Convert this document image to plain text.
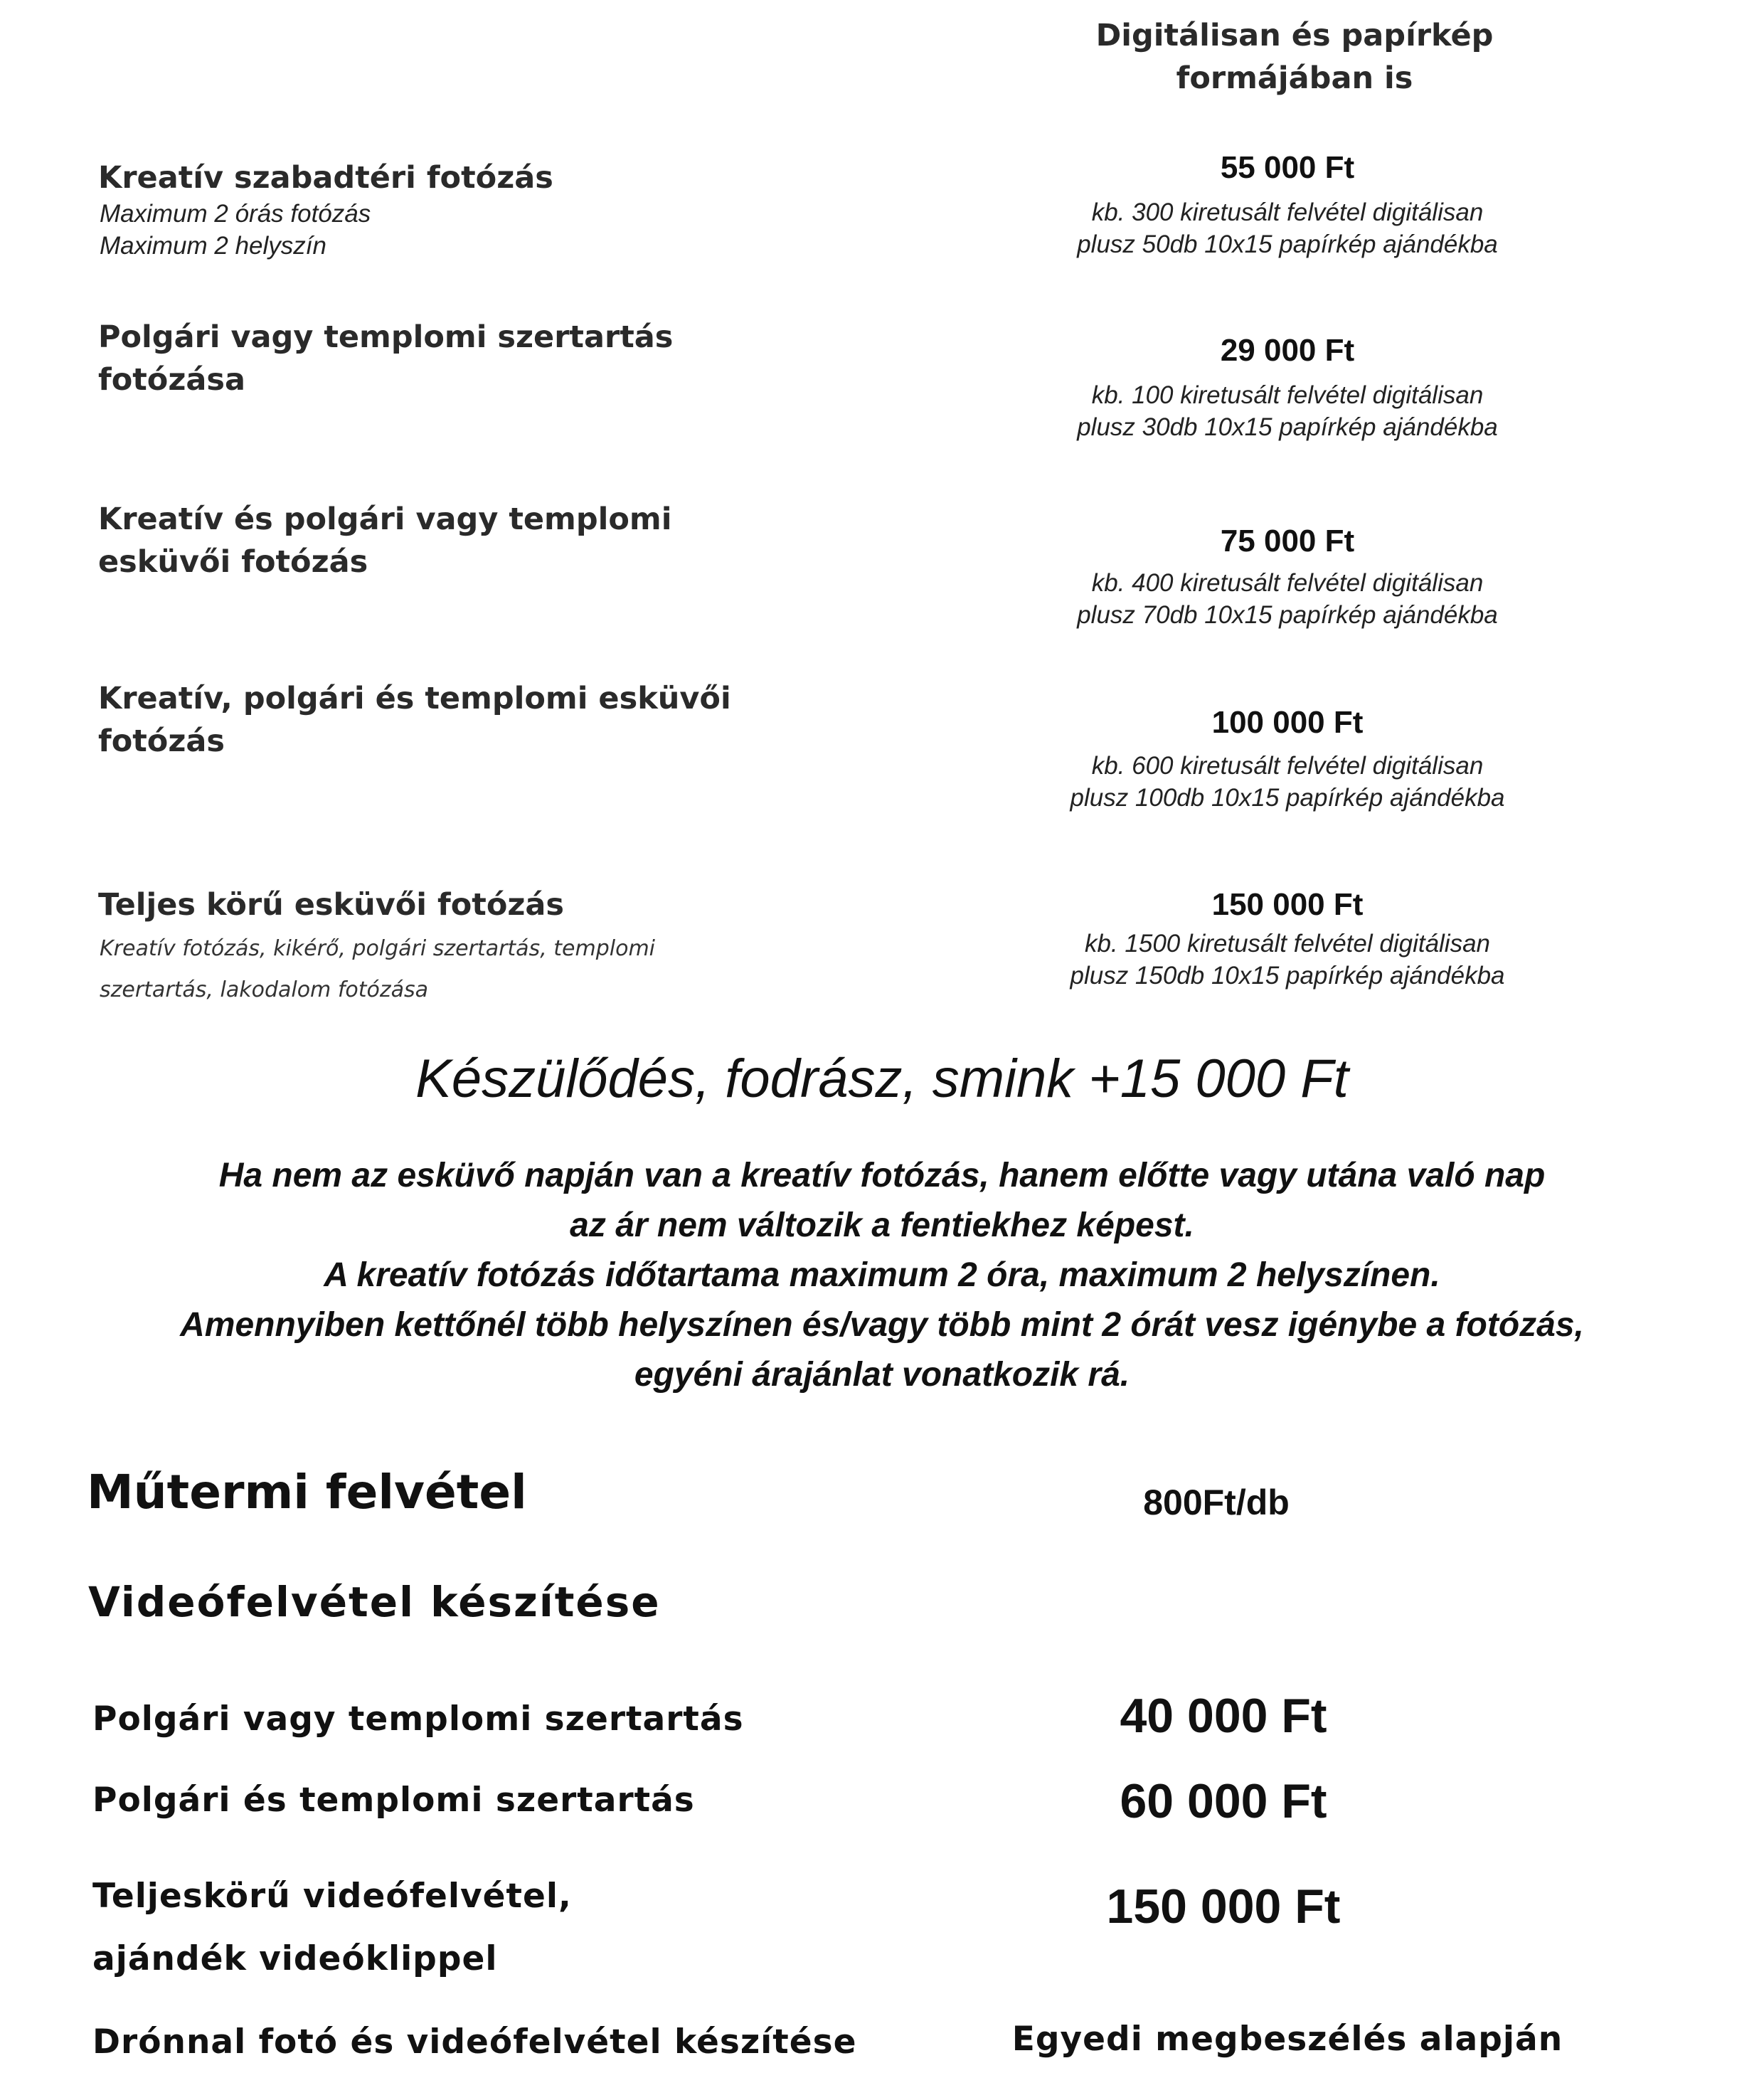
Digitálisan és papírkép
formájában is
Kreatív szabadtéri fotózás
Maximum 2 órás fotózás
Maximum 2 helyszín
55 000 Ft
kb. 300 kiretusált felvétel digitálisan
plusz 50db 10x15 papírkép ajándékba
Polgári vagy templomi szertartás
fotózása
29 000 Ft
kb. 100 kiretusált felvétel digitálisan
plusz 30db 10x15 papírkép ajándékba
Kreatív és polgári vagy templomi
esküvői fotózás
75 000 Ft
kb. 400 kiretusált felvétel digitálisan
plusz 70db 10x15 papírkép ajándékba
Kreatív, polgári és templomi esküvői
fotózás
100 000 Ft
kb. 600 kiretusált felvétel digitálisan
plusz 100db 10x15 papírkép ajándékba
Teljes körű esküvői fotózás
Kreatív fotózás, kikérő, polgári szertartás, templomi
szertartás, lakodalom fotózása
150 000 Ft
kb. 1500 kiretusált felvétel digitálisan
plusz 150db 10x15 papírkép ajándékba
Készülődés, fodrász, smink +15 000 Ft
Ha nem az esküvő napján van a kreatív fotózás, hanem előtte vagy utána való nap
az ár nem változik a fentiekhez képest.
A kreatív fotózás időtartama maximum 2 óra, maximum 2 helyszínen.
Amennyiben kettőnél több helyszínen és/vagy több mint 2 órát vesz igénybe a fotózás,
egyéni árajánlat vonatkozik rá.
Műtermi felvétel	800Ft/db
Videófelvétel készítése
Polgári vagy templomi szertartás	40 000 Ft
Polgári és templomi szertartás	60 000 Ft
Teljeskörű videófelvétel,
ajándék videóklippel
150 000 Ft
Drónnal fotó és videófelvétel készítése	Egyedi megbeszélés alapján
